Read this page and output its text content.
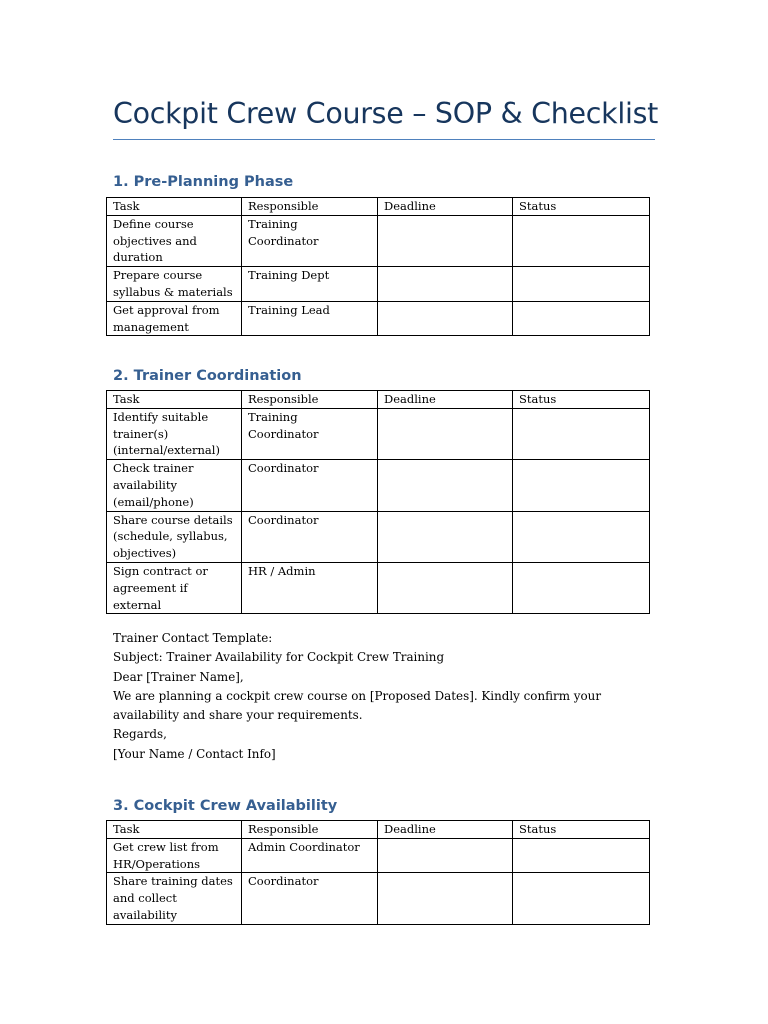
Cockpit Crew Course – SOP & Checklist
1. Pre-Planning Phase
Task	Responsible	Deadline	Status
Define course objectives and duration	Training Coordinator		
Prepare course syllabus & materials	Training Dept		
Get approval from management	Training Lead		
2. Trainer Coordination
Task	Responsible	Deadline	Status
Identify suitable trainer(s) (internal/external)	Training Coordinator		
Check trainer availability (email/phone)	Coordinator		
Share course details (schedule, syllabus, objectives)	Coordinator		
Sign contract or agreement if external	HR / Admin		

Trainer Contact Template:

Subject: Trainer Availability for Cockpit Crew Training

Dear [Trainer Name],

We are planning a cockpit crew course on [Proposed Dates]. Kindly confirm your availability and share your requirements.

Regards,

[Your Name / Contact Info]

3. Cockpit Crew Availability
Task	Responsible	Deadline	Status
Get crew list from HR/Operations	Admin Coordinator		
Share training dates and collect availability	Coordinator		
